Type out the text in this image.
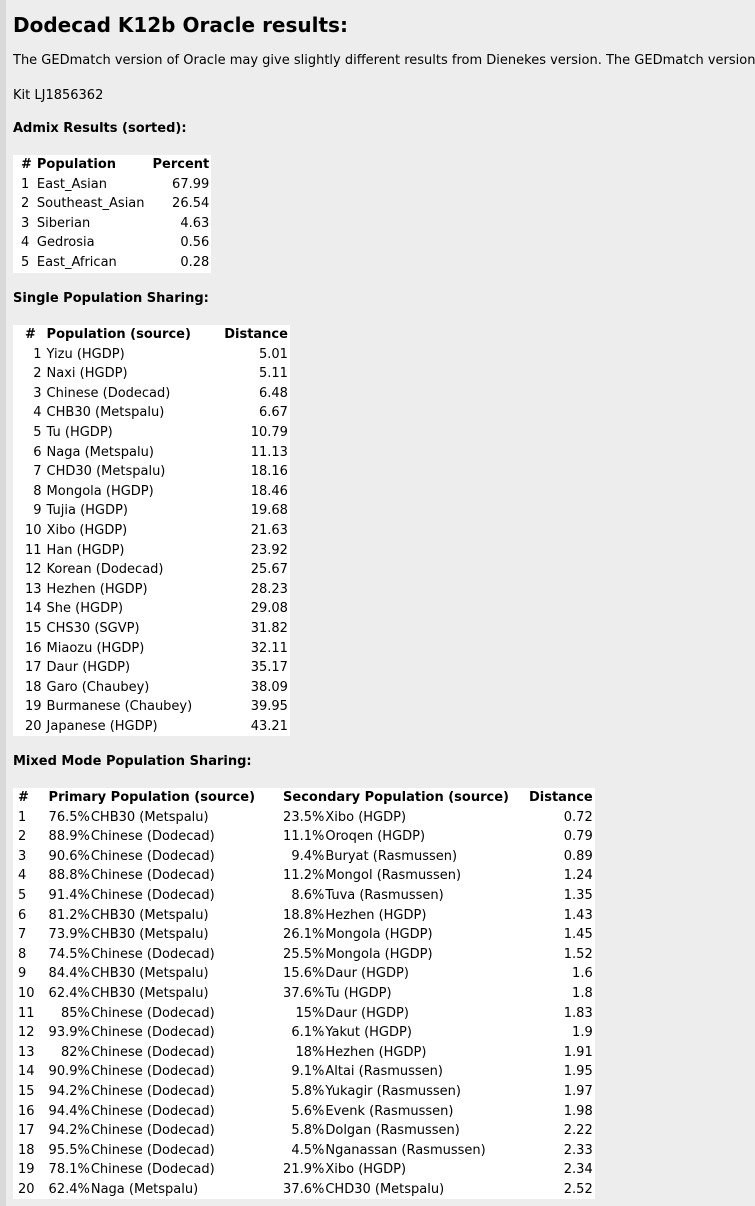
Dodecad K12b Oracle results:
The GEDmatch version of Oracle may give slightly different results from Dienekes version. The GEDmatch version
Kit LJ1856362
Admix Results (sorted):
#	Population	Percent
1	East_Asian	67.99
2	Southeast_Asian	26.54
3	Siberian	4.63
4	Gedrosia	0.56
5	East_African	0.28
Single Population Sharing:
#	Population (source)	Distance
1	Yizu (HGDP)	5.01
2	Naxi (HGDP)	5.11
3	Chinese (Dodecad)	6.48
4	CHB30 (Metspalu)	6.67
5	Tu (HGDP)	10.79
6	Naga (Metspalu)	11.13
7	CHD30 (Metspalu)	18.16
8	Mongola (HGDP)	18.46
9	Tujia (HGDP)	19.68
10	Xibo (HGDP)	21.63
11	Han (HGDP)	23.92
12	Korean (Dodecad)	25.67
13	Hezhen (HGDP)	28.23
14	She (HGDP)	29.08
15	CHS30 (SGVP)	31.82
16	Miaozu (HGDP)	32.11
17	Daur (HGDP)	35.17
18	Garo (Chaubey)	38.09
19	Burmanese (Chaubey)	39.95
20	Japanese (HGDP)	43.21
Mixed Mode Population Sharing:
#	Primary Population (source)		Secondary Population (source)		Distance
1	76.5%	CHB30 (Metspalu)	23.5%	Xibo (HGDP)	0.72
2	88.9%	Chinese (Dodecad)	11.1%	Oroqen (HGDP)	0.79
3	90.6%	Chinese (Dodecad)	9.4%	Buryat (Rasmussen)	0.89
4	88.8%	Chinese (Dodecad)	11.2%	Mongol (Rasmussen)	1.24
5	91.4%	Chinese (Dodecad)	8.6%	Tuva (Rasmussen)	1.35
6	81.2%	CHB30 (Metspalu)	18.8%	Hezhen (HGDP)	1.43
7	73.9%	CHB30 (Metspalu)	26.1%	Mongola (HGDP)	1.45
8	74.5%	Chinese (Dodecad)	25.5%	Mongola (HGDP)	1.52
9	84.4%	CHB30 (Metspalu)	15.6%	Daur (HGDP)	1.6
10	62.4%	CHB30 (Metspalu)	37.6%	Tu (HGDP)	1.8
11	85%	Chinese (Dodecad)	15%	Daur (HGDP)	1.83
12	93.9%	Chinese (Dodecad)	6.1%	Yakut (HGDP)	1.9
13	82%	Chinese (Dodecad)	18%	Hezhen (HGDP)	1.91
14	90.9%	Chinese (Dodecad)	9.1%	Altai (Rasmussen)	1.95
15	94.2%	Chinese (Dodecad)	5.8%	Yukagir (Rasmussen)	1.97
16	94.4%	Chinese (Dodecad)	5.6%	Evenk (Rasmussen)	1.98
17	94.2%	Chinese (Dodecad)	5.8%	Dolgan (Rasmussen)	2.22
18	95.5%	Chinese (Dodecad)	4.5%	Nganassan (Rasmussen)	2.33
19	78.1%	Chinese (Dodecad)	21.9%	Xibo (HGDP)	2.34
20	62.4%	Naga (Metspalu)	37.6%	CHD30 (Metspalu)	2.52
